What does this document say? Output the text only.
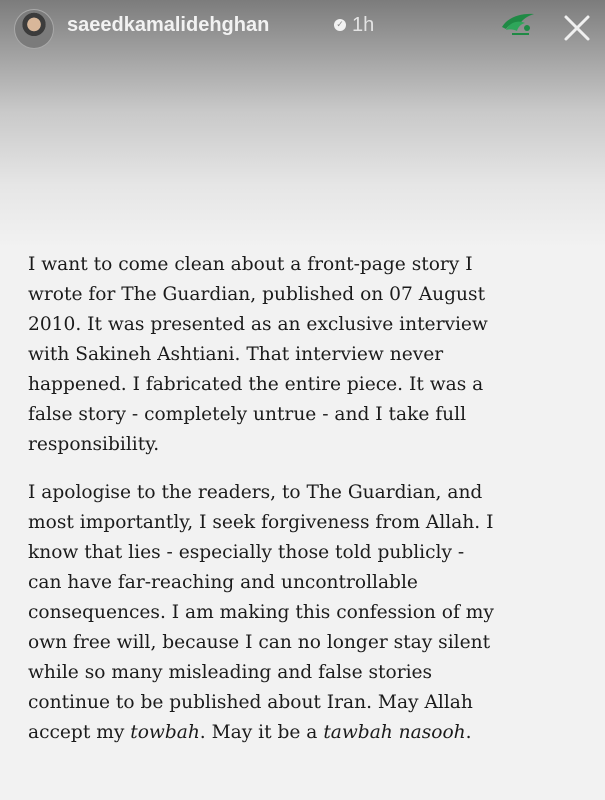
saeedkamalidehghan	✓ 1h
I want to come clean about a front-page story I
wrote for The Guardian, published on 07 August
2010. It was presented as an exclusive interview
with Sakineh Ashtiani. That interview never
happened. I fabricated the entire piece. It was a
false story - completely untrue - and I take full
responsibility.
I apologise to the readers, to The Guardian, and
most importantly, I seek forgiveness from Allah. I
know that lies - especially those told publicly -
can have far-reaching and uncontrollable
consequences. I am making this confession of my
own free will, because I can no longer stay silent
while so many misleading and false stories
continue to be published about Iran. May Allah
accept my towbah. May it be a tawbah nasooh.
